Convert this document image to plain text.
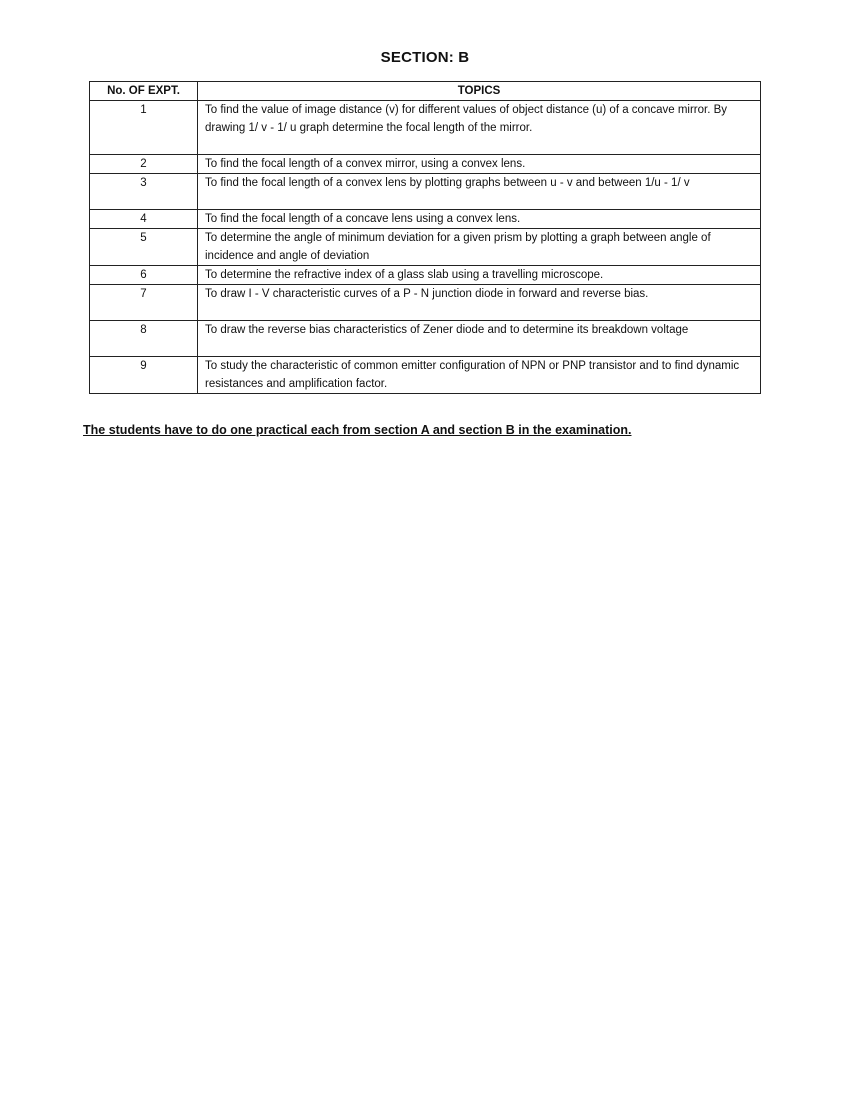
SECTION: B
No. OF EXPT.	TOPICS
1	To find the value of image distance (v) for different values of object distance (u) of a concave mirror. By drawing 1/ v - 1/ u graph determine the focal length of the mirror.
2	To find the focal length of a convex mirror, using a convex lens.
3	To find the focal length of a convex lens by plotting graphs between u - v and between 1/u - 1/ v
4	To find the focal length of a concave lens using a convex lens.
5	To determine the angle of minimum deviation for a given prism by plotting a graph between angle of incidence and angle of deviation
6	To determine the refractive index of a glass slab using a travelling microscope.
7	To draw I - V characteristic curves of a P - N junction diode in forward and reverse bias.
8	To draw the reverse bias characteristics of Zener diode and to determine its breakdown voltage
9	To study the characteristic of common emitter configuration of NPN or PNP transistor and to find dynamic resistances and amplification factor.
The students have to do one practical each from section A and section B in the examination.
